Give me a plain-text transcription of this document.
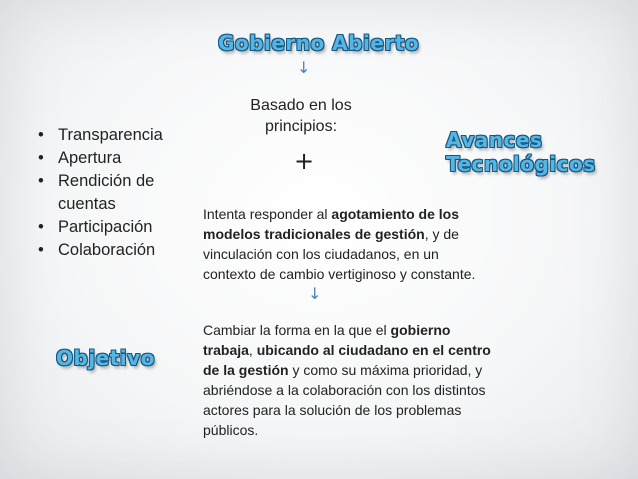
Gobierno Abierto
↓
Basado en los principios:
+
Avances
Tecnológicos
• Transparencia
• Apertura
• Rendición de cuentas
• Participación
• Colaboración
Objetivo
Intenta responder al agotamiento de los modelos tradicionales de gestión, y de vinculación con los ciudadanos, en un contexto de cambio vertiginoso y constante.
↓
Cambiar la forma en la que el gobierno trabaja, ubicando al ciudadano en el centro de la gestión y como su máxima prioridad, y abriéndose a la colaboración con los distintos actores para la solución de los problemas públicos.
